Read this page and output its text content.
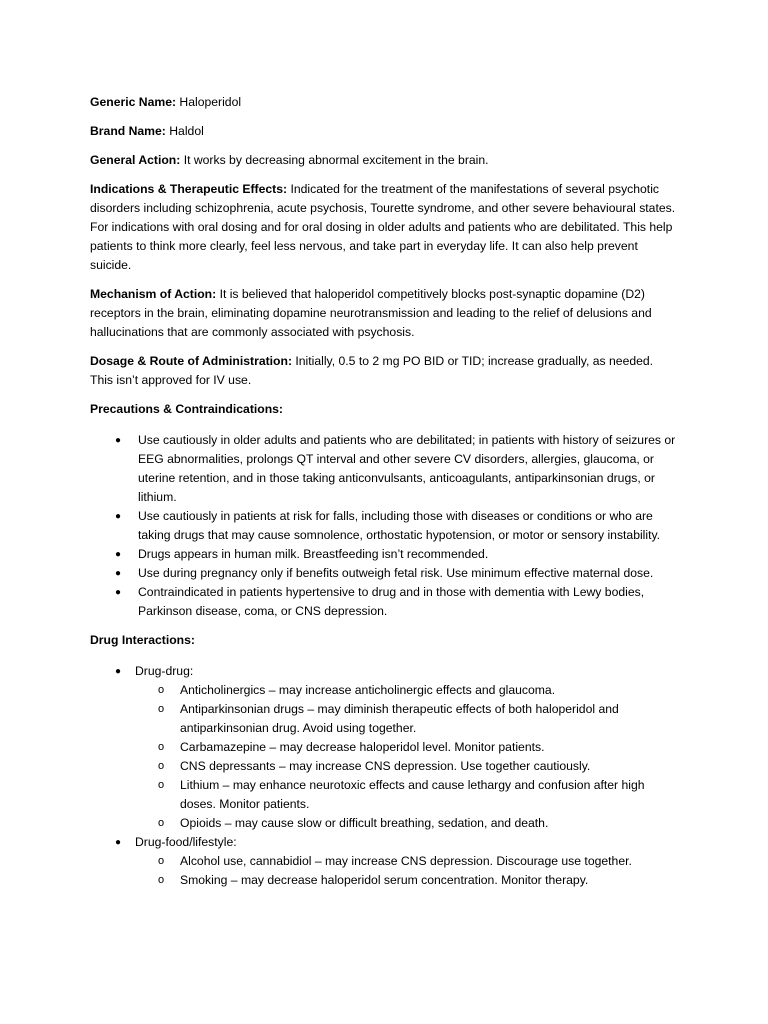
Generic Name: Haloperidol

Brand Name: Haldol

General Action: It works by decreasing abnormal excitement in the brain.

Indications & Therapeutic Effects: Indicated for the treatment of the manifestations of several psychotic disorders including schizophrenia, acute psychosis, Tourette syndrome, and other severe behavioural states. For indications with oral dosing and for oral dosing in older adults and patients who are debilitated. This help patients to think more clearly, feel less nervous, and take part in everyday life. It can also help prevent suicide.

Mechanism of Action: It is believed that haloperidol competitively blocks post-synaptic dopamine (D2) receptors in the brain, eliminating dopamine neurotransmission and leading to the relief of delusions and hallucinations that are commonly associated with psychosis.

Dosage & Route of Administration: Initially, 0.5 to 2 mg PO BID or TID; increase gradually, as needed. This isn’t approved for IV use.

Precautions & Contraindications:

● Use cautiously in older adults and patients who are debilitated; in patients with history of seizures or EEG abnormalities, prolongs QT interval and other severe CV disorders, allergies, glaucoma, or uterine retention, and in those taking anticonvulsants, anticoagulants, antiparkinsonian drugs, or lithium.
● Use cautiously in patients at risk for falls, including those with diseases or conditions or who are taking drugs that may cause somnolence, orthostatic hypotension, or motor or sensory instability.
● Drugs appears in human milk. Breastfeeding isn’t recommended.
● Use during pregnancy only if benefits outweigh fetal risk. Use minimum effective maternal dose.
● Contraindicated in patients hypertensive to drug and in those with dementia with Lewy bodies, Parkinson disease, coma, or CNS depression.

Drug Interactions:

● Drug-drug:
o Anticholinergics – may increase anticholinergic effects and glaucoma.
o Antiparkinsonian drugs – may diminish therapeutic effects of both haloperidol and antiparkinsonian drug. Avoid using together.
o Carbamazepine – may decrease haloperidol level. Monitor patients.
o CNS depressants – may increase CNS depression. Use together cautiously.
o Lithium – may enhance neurotoxic effects and cause lethargy and confusion after high doses. Monitor patients.
o Opioids – may cause slow or difficult breathing, sedation, and death.
● Drug-food/lifestyle:
o Alcohol use, cannabidiol – may increase CNS depression. Discourage use together.
o Smoking – may decrease haloperidol serum concentration. Monitor therapy.
